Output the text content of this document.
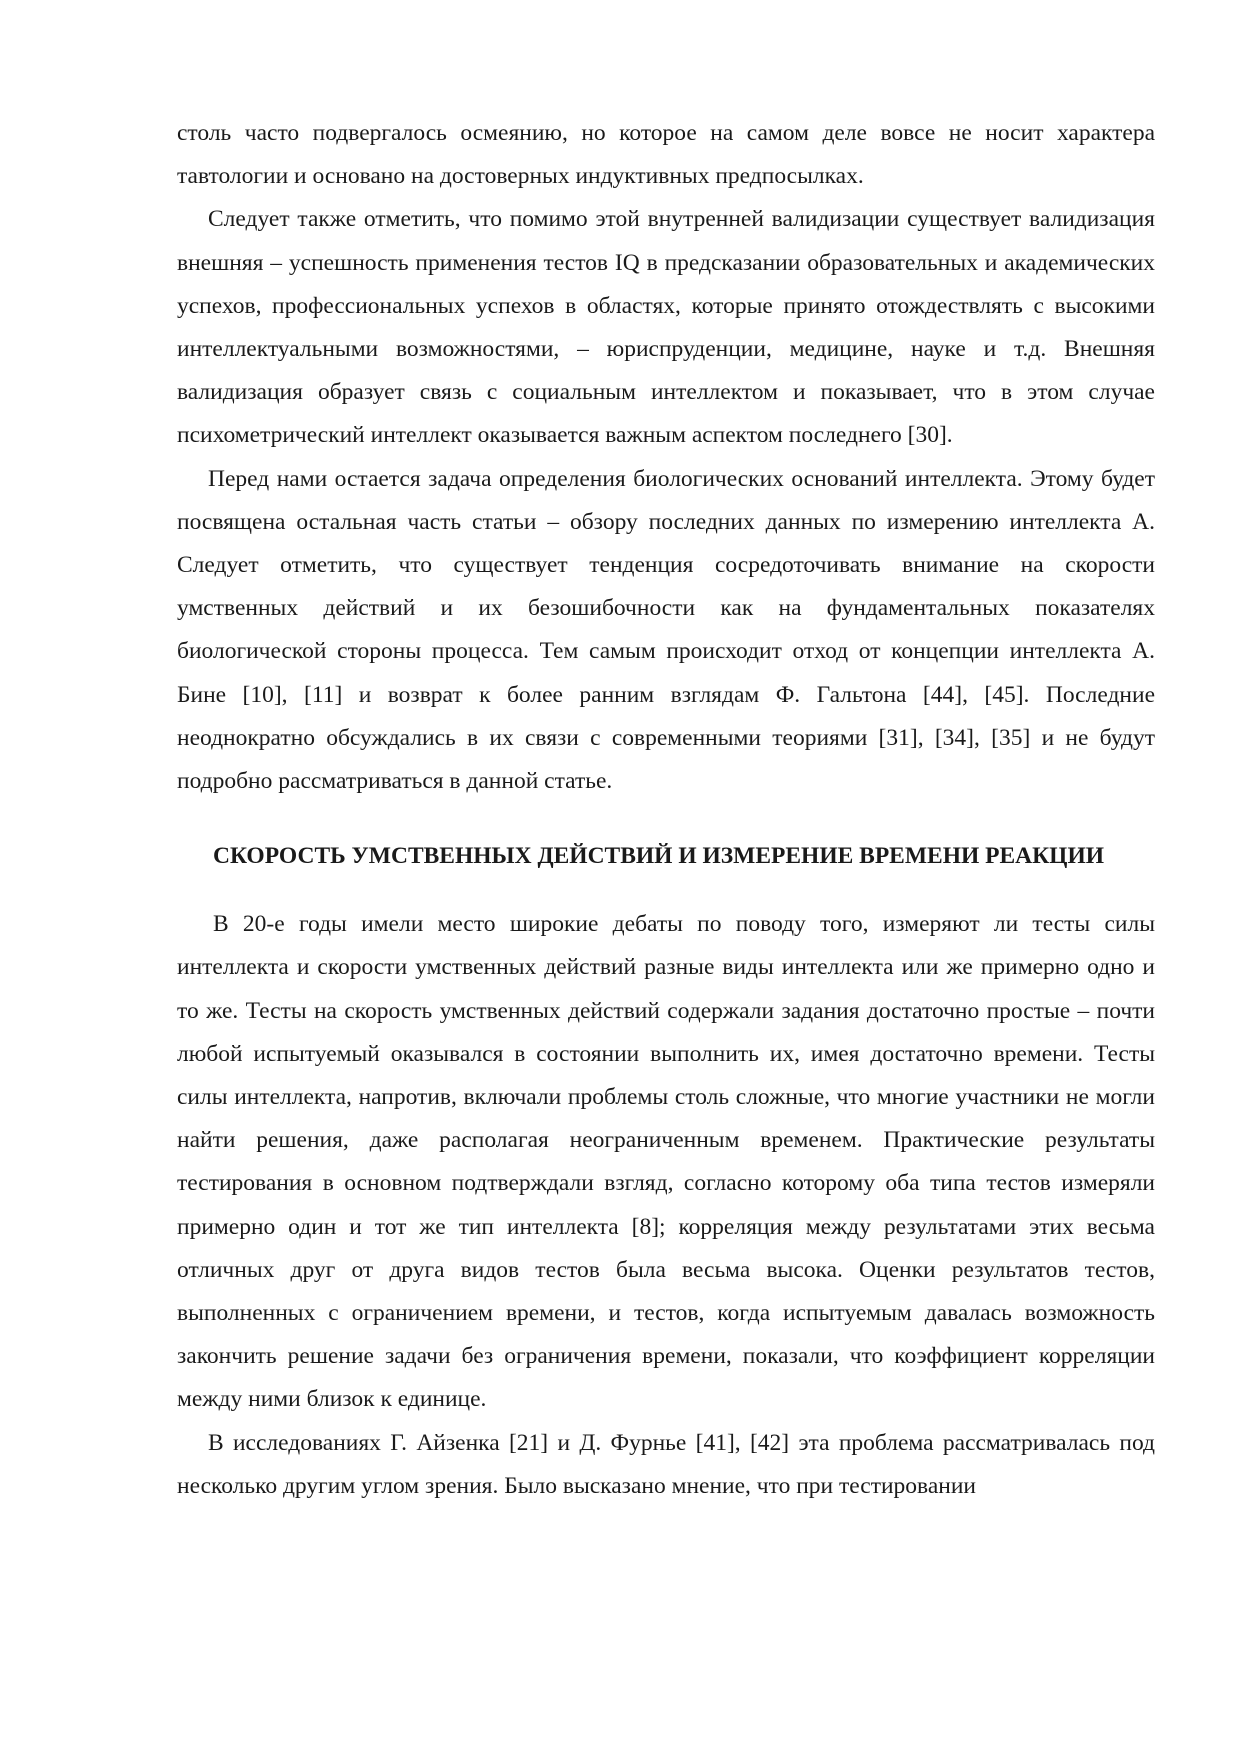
столь часто подвергалось осмеянию, но которое на самом деле вовсе не носит характера тавтологии и основано на достоверных индуктивных предпосылках.

Следует также отметить, что помимо этой внутренней валидизации существует валидизация внешняя – успешность применения тестов IQ в предсказании образовательных и академических успехов, профессиональных успехов в областях, которые принято отождествлять с высокими интеллектуальными возможностями, – юриспруденции, медицине, науке и т.д. Внешняя валидизация образует связь с социальным интеллектом и показывает, что в этом случае психометрический интеллект оказывается важным аспектом последнего [30].

Перед нами остается задача определения биологических оснований интеллекта. Этому будет посвящена остальная часть статьи – обзору последних данных по измерению интеллекта А. Следует отметить, что существует тенденция сосредоточивать внимание на скорости умственных действий и их безошибочности как на фундаментальных показателях биологической стороны процесса. Тем самым происходит отход от концепции интеллекта А. Бине [10], [11] и возврат к более ранним взглядам Ф. Гальтона [44], [45]. Последние неоднократно обсуждались в их связи с современными теориями [31], [34], [35] и не будут подробно рассматриваться в данной статье.

СКОРОСТЬ УМСТВЕННЫХ ДЕЙСТВИЙ И ИЗМЕРЕНИЕ ВРЕМЕНИ РЕАКЦИИ

В 20-е годы имели место широкие дебаты по поводу того, измеряют ли тесты силы интеллекта и скорости умственных действий разные виды интеллекта или же примерно одно и то же. Тесты на скорость умственных действий содержали задания достаточно простые – почти любой испытуемый оказывался в состоянии выполнить их, имея достаточно времени. Тесты силы интеллекта, напротив, включали проблемы столь сложные, что многие участники не могли найти решения, даже располагая неограниченным временем. Практические результаты тестирования в основном подтверждали взгляд, согласно которому оба типа тестов измеряли примерно один и тот же тип интеллекта [8]; корреляция между результатами этих весьма отличных друг от друга видов тестов была весьма высока. Оценки результатов тестов, выполненных с ограничением времени, и тестов, когда испытуемым давалась возможность закончить решение задачи без ограничения времени, показали, что коэффициент корреляции между ними близок к единице.

В исследованиях Г. Айзенка [21] и Д. Фурнье [41], [42] эта проблема рассматривалась под несколько другим углом зрения. Было высказано мнение, что при тестировании
